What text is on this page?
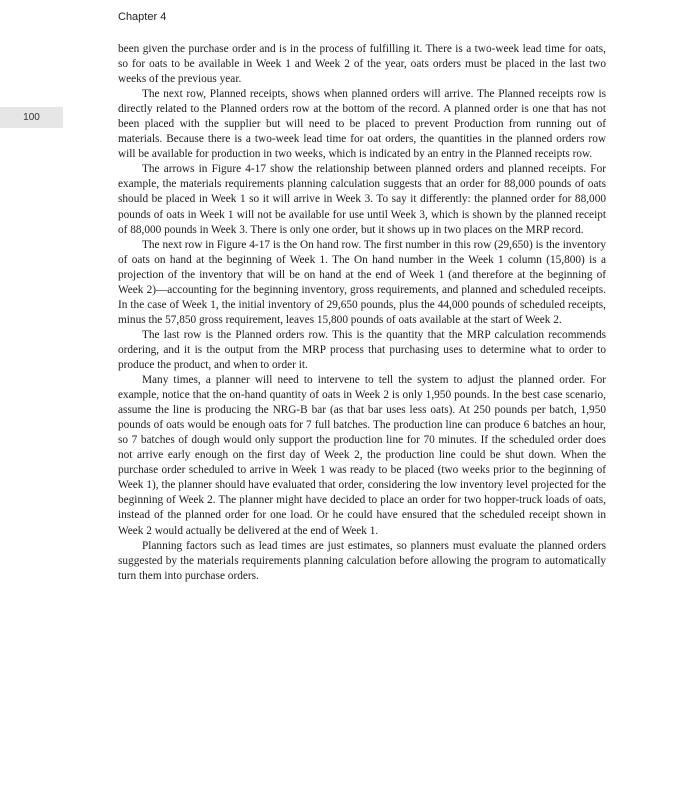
Chapter 4
100

been given the purchase order and is in the process of fulfilling it. There is a two-week lead time for oats, so for oats to be available in Week 1 and Week 2 of the year, oats orders must be placed in the last two weeks of the previous year.

The next row, Planned receipts, shows when planned orders will arrive. The Planned receipts row is directly related to the Planned orders row at the bottom of the record. A planned order is one that has not been placed with the supplier but will need to be placed to prevent Production from running out of materials. Because there is a two-week lead time for oat orders, the quantities in the planned orders row will be available for production in two weeks, which is indicated by an entry in the Planned receipts row.

The arrows in Figure 4-17 show the relationship between planned orders and planned receipts. For example, the materials requirements planning calculation suggests that an order for 88,000 pounds of oats should be placed in Week 1 so it will arrive in Week 3. To say it differently: the planned order for 88,000 pounds of oats in Week 1 will not be available for use until Week 3, which is shown by the planned receipt of 88,000 pounds in Week 3. There is only one order, but it shows up in two places on the MRP record.

The next row in Figure 4-17 is the On hand row. The first number in this row (29,650) is the inventory of oats on hand at the beginning of Week 1. The On hand number in the Week 1 column (15,800) is a projection of the inventory that will be on hand at the end of Week 1 (and therefore at the beginning of Week 2)—accounting for the beginning inventory, gross requirements, and planned and scheduled receipts. In the case of Week 1, the initial inventory of 29,650 pounds, plus the 44,000 pounds of scheduled receipts, minus the 57,850 gross requirement, leaves 15,800 pounds of oats available at the start of Week 2.

The last row is the Planned orders row. This is the quantity that the MRP calculation recommends ordering, and it is the output from the MRP process that purchasing uses to determine what to order to produce the product, and when to order it.

Many times, a planner will need to intervene to tell the system to adjust the planned order. For example, notice that the on-hand quantity of oats in Week 2 is only 1,950 pounds. In the best case scenario, assume the line is producing the NRG-B bar (as that bar uses less oats). At 250 pounds per batch, 1,950 pounds of oats would be enough oats for 7 full batches. The production line can produce 6 batches an hour, so 7 batches of dough would only support the production line for 70 minutes. If the scheduled order does not arrive early enough on the first day of Week 2, the production line could be shut down. When the purchase order scheduled to arrive in Week 1 was ready to be placed (two weeks prior to the beginning of Week 1), the planner should have evaluated that order, considering the low inventory level projected for the beginning of Week 2. The planner might have decided to place an order for two hopper-truck loads of oats, instead of the planned order for one load. Or he could have ensured that the scheduled receipt shown in Week 2 would actually be delivered at the end of Week 1.

Planning factors such as lead times are just estimates, so planners must evaluate the planned orders suggested by the materials requirements planning calculation before allowing the program to automatically turn them into purchase orders.
